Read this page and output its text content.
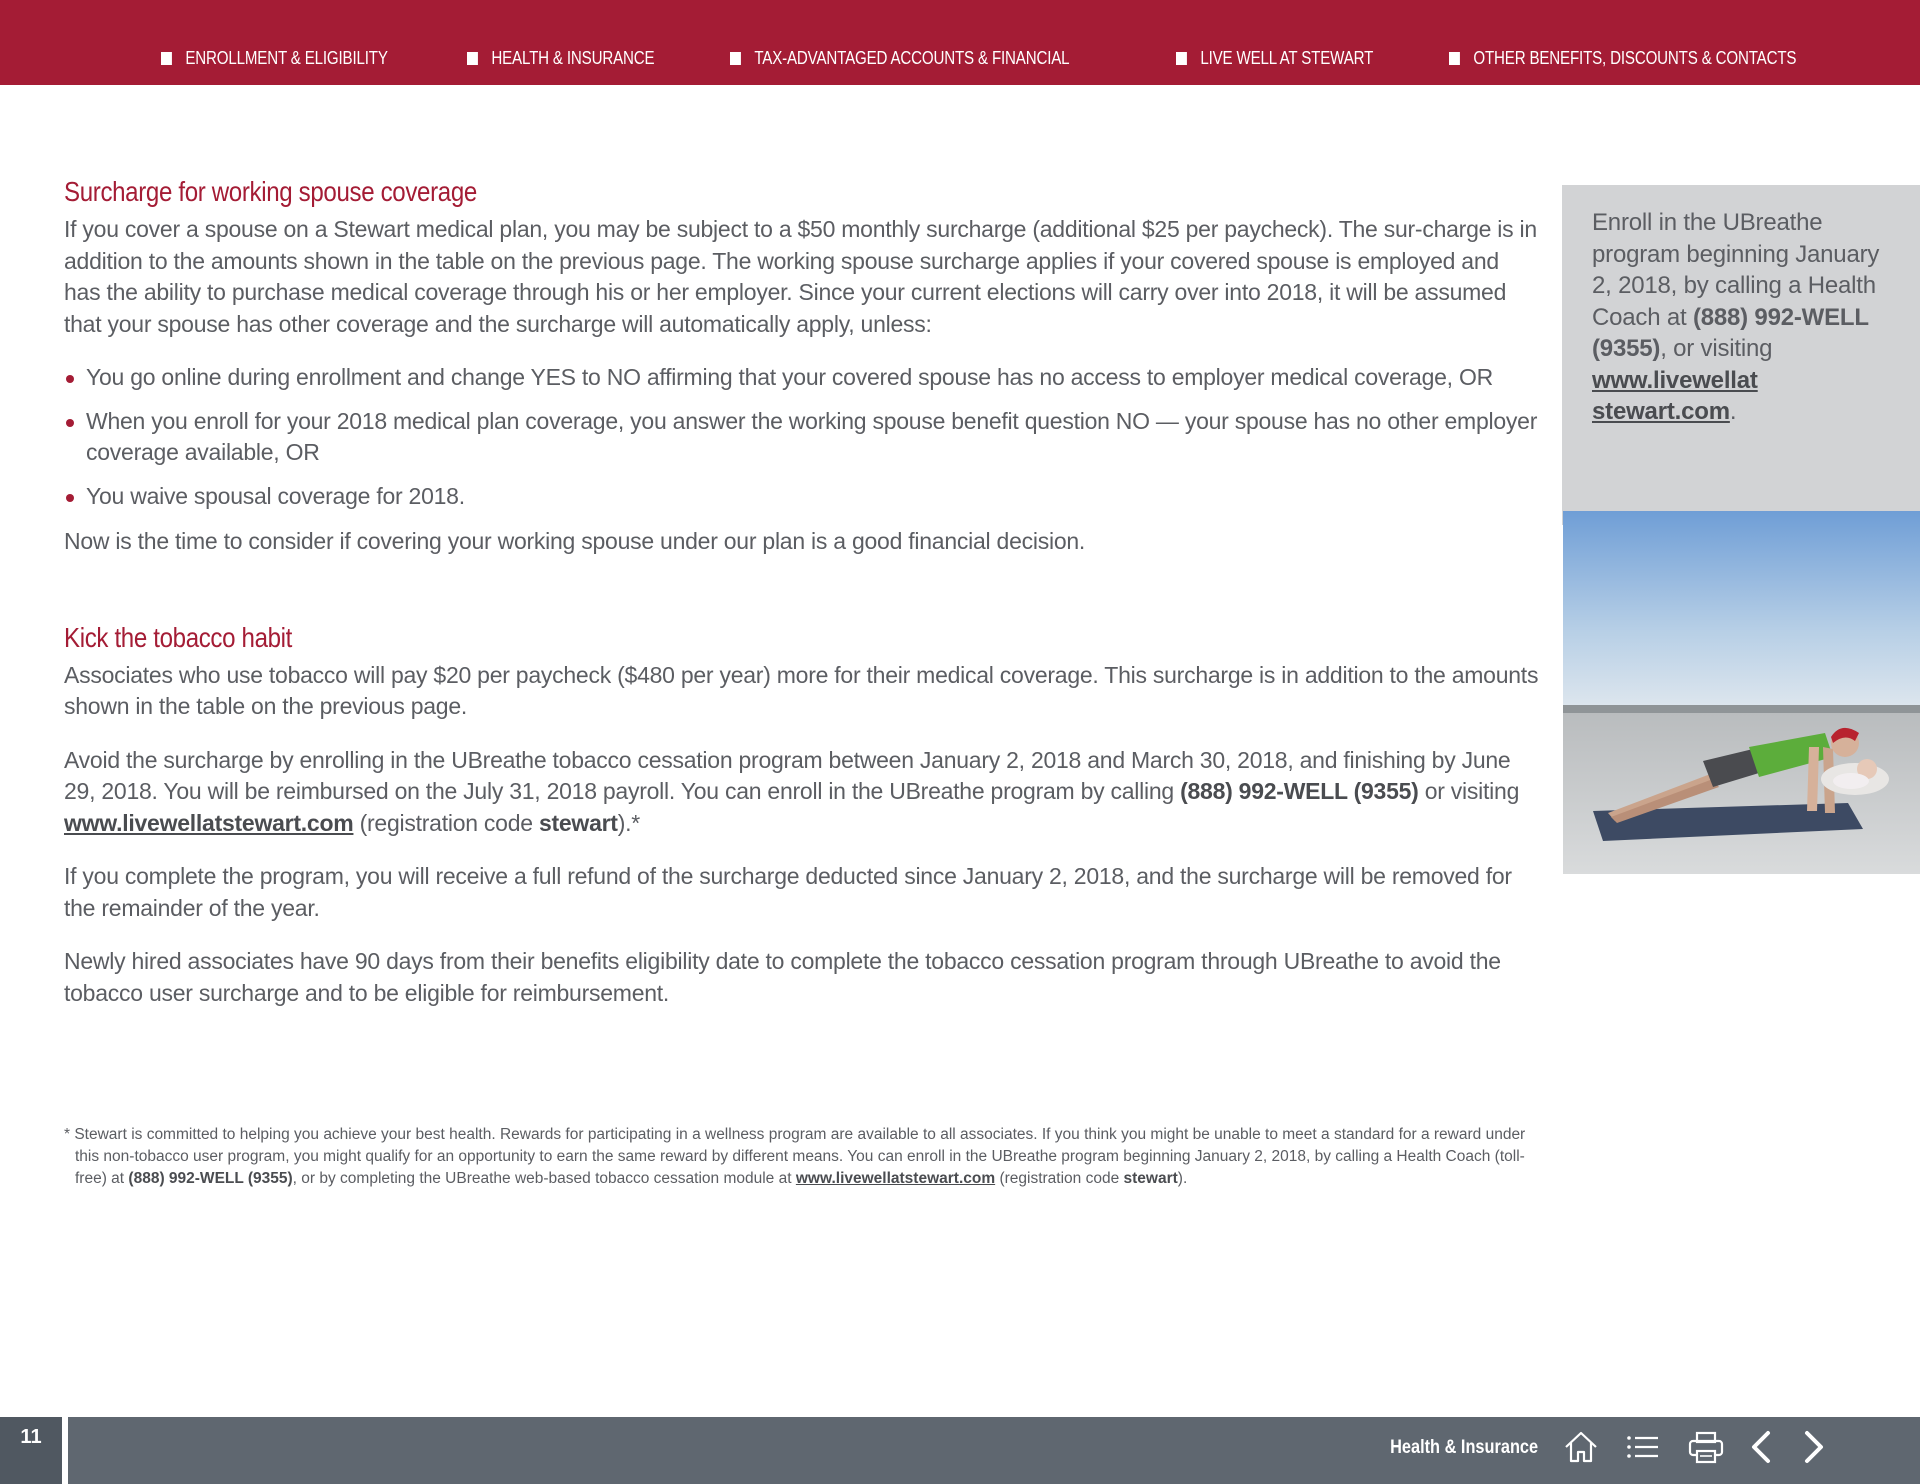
ENROLLMENT & ELIGIBILITY	HEALTH & INSURANCE	TAX-ADVANTAGED ACCOUNTS & FINANCIAL	LIVE WELL AT STEWART	OTHER BENEFITS, DISCOUNTS & CONTACTS
Surcharge for working spouse coverage

If you cover a spouse on a Stewart medical plan, you may be subject to a $50 monthly surcharge (additional $25 per paycheck). The sur-charge is in addition to the amounts shown in the table on the previous page. The working spouse surcharge applies if your covered spouse is employed and has the ability to purchase medical coverage through his or her employer. Since your current elections will carry over into 2018, it will be assumed that your spouse has other coverage and the surcharge will automatically apply, unless:

You go online during enrollment and change YES to NO affirming that your covered spouse has no access to employer medical coverage, OR
When you enroll for your 2018 medical plan coverage, you answer the working spouse benefit question NO — your spouse has no other employer coverage available, OR
You waive spousal coverage for 2018.

Now is the time to consider if covering your working spouse under our plan is a good financial decision.

Kick the tobacco habit

Associates who use tobacco will pay $20 per paycheck ($480 per year) more for their medical coverage. This surcharge is in addition to the amounts shown in the table on the previous page.

Avoid the surcharge by enrolling in the UBreathe tobacco cessation program between January 2, 2018 and March 30, 2018, and finishing by June 29, 2018. You will be reimbursed on the July 31, 2018 payroll. You can enroll in the UBreathe program by calling (888) 992-WELL (9355) or visiting www.livewellatstewart.com (registration code stewart).*

If you complete the program, you will receive a full refund of the surcharge deducted since January 2, 2018, and the surcharge will be removed for the remainder of the year.

Newly hired associates have 90 days from their benefits eligibility date to complete the tobacco cessation program through UBreathe to avoid the tobacco user surcharge and to be eligible for reimbursement.

* Stewart is committed to helping you achieve your best health. Rewards for participating in a wellness program are available to all associates. If you think you might be unable to meet a standard for a reward under this non-tobacco user program, you might qualify for an opportunity to earn the same reward by different means. You can enroll in the UBreathe program beginning January 2, 2018, by calling a Health Coach (toll-free) at (888) 992-WELL (9355), or by completing the UBreathe web-based tobacco cessation module at www.livewellatstewart.com (registration code stewart).

Enroll in the UBreathe program beginning January 2, 2018, by calling a Health Coach at (888) 992-WELL (9355), or visiting www.livewellat stewart.com.
11	Health & Insurance
